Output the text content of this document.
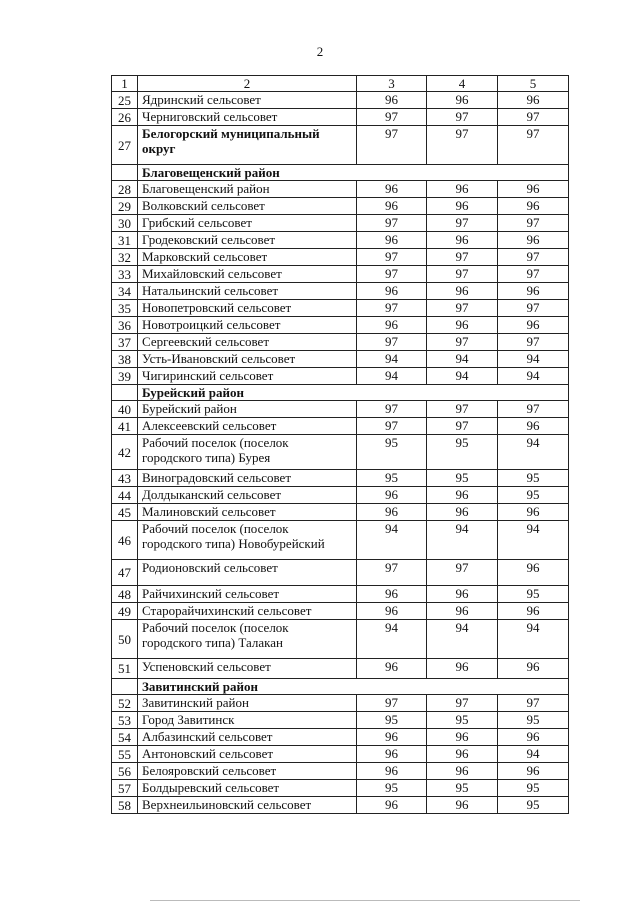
2
1	2	3	4	5
25	Ядринский сельсовет	96	96	96
26	Черниговский сельсовет	97	97	97
27	Белогорский муниципальный округ	97	97	97
	Благовещенский район			
28	Благовещенский район	96	96	96
29	Волковский сельсовет	96	96	96
30	Грибский сельсовет	97	97	97
31	Гродековский сельсовет	96	96	96
32	Марковский сельсовет	97	97	97
33	Михайловский сельсовет	97	97	97
34	Натальинский сельсовет	96	96	96
35	Новопетровский сельсовет	97	97	97
36	Новотроицкий сельсовет	96	96	96
37	Сергеевский сельсовет	97	97	97
38	Усть-Ивановский сельсовет	94	94	94
39	Чигиринский сельсовет	94	94	94
	Бурейский район			
40	Бурейский район	97	97	97
41	Алексеевский сельсовет	97	97	96
42	Рабочий поселок (поселок городского типа) Бурея	95	95	94
43	Виноградовский сельсовет	95	95	95
44	Долдыканский сельсовет	96	96	95
45	Малиновский сельсовет	96	96	96
46	Рабочий поселок (поселок городского типа) Новобурейский	94	94	94
47	Родионовский сельсовет	97	97	96
48	Райчихинский сельсовет	96	96	95
49	Старорайчихинский сельсовет	96	96	96
50	Рабочий поселок (поселок городского типа) Талакан	94	94	94
51	Успеновский сельсовет	96	96	96
	Завитинский район			
52	Завитинский район	97	97	97
53	Город Завитинск	95	95	95
54	Албазинский сельсовет	96	96	96
55	Антоновский сельсовет	96	96	94
56	Белояровский сельсовет	96	96	96
57	Болдыревский сельсовет	95	95	95
58	Верхнеильиновский сельсовет	96	96	95
